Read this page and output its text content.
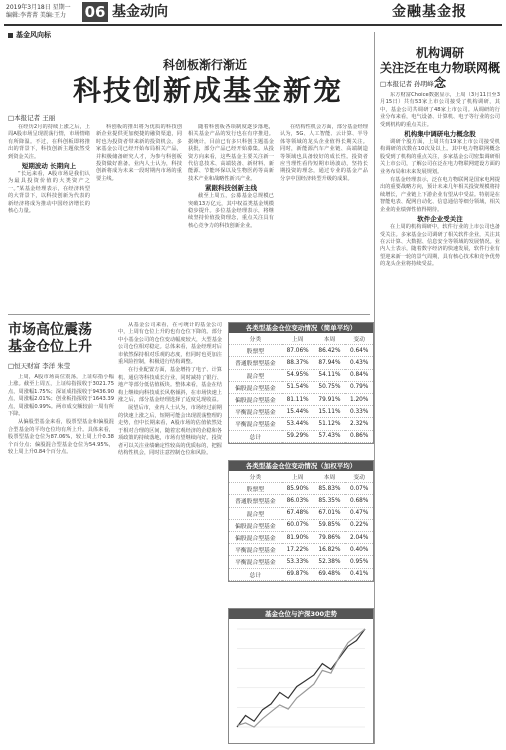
2019年3月18日 星期一
编辑:李菁菁 美编:王力	06 基金动向	金融基金报
基金风向标
科创板渐行渐近
科技创新成基金新宠
□本报记者 王丽

在经历2月的持续上涨之后，上周A股市场呈现震荡行情，市场情绪有所降温。不过，在科创板即将推出的背景下，科技创新主题依然受到资金关注。

短期波动 长期向上

“长远来看，A股市场是我们认为最具投资价值的大类资产之一。”某基金经理表示，在经济转型的大背景下，以科技创新为代表的新经济将成为推动中国经济增长的核心力量。

科创板的推出将为优质的科技创新企业提供更加便捷的融资渠道，同时也为投资者带来新的投资机会。多家基金公司已经开始布局相关产品，并积极储备研究人才，为参与科创板投资做好准备。业内人士认为，科技创新将成为未来一段时期内市场的重要主线。

随着科创板各项制度逐步落地，相关基金产品的发行也在有序推进。据统计，目前已有多只科创主题基金获批，部分产品已经开始募集。从投资方向来看，这些基金主要关注新一代信息技术、高端装备、新材料、新能源、节能环保以及生物医药等高新技术产业和战略性新兴产业。

紧跟科技创新主线

截至上周五，公募基金总规模已突破13万亿元，其中权益类基金规模稳步提升。多位基金经理表示，将继续坚持价值投资理念，重点关注具有核心竞争力的科技创新企业。

在结构性机会方面，部分基金经理认为，5G、人工智能、云计算、半导体等领域的龙头企业值得长期关注。同时，新能源汽车产业链、高端制造等领域也具备较好的成长性。投资者应当理性看待短期市场波动，坚持长期投资的理念，通过专业的基金产品分享中国经济转型升级的成果。

机构调研
关注泛在电力物联网概念
□本报记者 孙明峰

东方财富Choice数据显示，上周（3月11日至3月15日）共有53家上市公司接受了机构调研，其中，基金公司共调研了48家上市公司。从调研的行业分布来看，电气设备、计算机、电子等行业的公司受到机构的重点关注。

机构集中调研电力概念股

调研个股方面，上周共有19家上市公司接受机构调研的次数在10次及以上。其中电力物联网概念股受到了机构的重点关注，多家基金公司密集调研相关上市公司，了解公司在泛在电力物联网建设方面的业务布局和未来发展规划。

有基金经理表示，泛在电力物联网是国家电网提出的重要战略方向，预计未来几年相关投资规模将持续增长，产业链上下游企业有望从中受益。特别是在智能电表、配网自动化、信息通信等细分领域，相关企业的业绩弹性值得期待。

软件企业受关注

在上周的机构调研中，软件行业的上市公司也备受关注。多家基金公司调研了相关软件企业，关注其在云计算、大数据、信息安全等领域的发展情况。业内人士表示，随着数字经济的快速发展，软件行业有望迎来新一轮的景气周期，具有核心技术和竞争优势的龙头企业将持续受益。

市场高位震荡
基金仓位上升
□恒天财富 李洋 朱莹

上周，A股市场高位震荡，上证综指小幅上涨。截至上周五，上证综指报收于3021.75点，周涨幅1.75%；深证成指报收于9436.90点，周涨幅2.01%；创业板指报收于1643.39点，周涨幅0.99%。两市成交额较前一周有所下降。

从偏股型基金来看，股票型基金和偏股混合型基金的平均仓位均有所上升。具体来看，股票型基金仓位为87.06%，较上周上升0.38个百分点；偏股混合型基金仓位为54.95%，较上周上升0.84个百分点。

从基金公司来看，在可统计的基金公司中，上周有仓位上升的也有仓位下降的。部分中小基金公司的仓位变动幅度较大，大型基金公司仓位相对稳定。总体来看，基金经理对后市依然保持相对乐观的态度，但同时也更加注重风险控制，积极进行结构调整。

在行业配置方面，基金增持了电子、计算机、通信等科技成长行业，同时减持了银行、地产等部分低估值板块。整体来看，基金在结构上继续向科技成长风格倾斜，在市场快速上涨之后，部分基金经理选择了适度兑现收益。

展望后市，业内人士认为，市场经过前期的快速上涨之后，短期可能会出现震荡整理的走势，但中长期来看，A股市场的估值依然处于相对合理的区间，随着宏观经济的企稳和各项政策的持续落地，市场有望继续向好。投资者可以关注业绩确定性较高的优质标的，把握结构性机会，同时注意控制仓位和风险。

各类型基金仓位变动情况（简单平均）
分类	上周	本周	变动
股票型	87.06%	86.42%	0.64%
普通股票型基金	88.37%	87.94%	0.43%
混合型	54.95%	54.11%	0.84%
偏股混合型基金	51.54%	50.75%	0.79%
偏股混合型基金	81.11%	79.91%	1.20%
平衡混合型基金	15.44%	15.11%	0.33%
平衡混合型基金	53.44%	51.12%	2.32%
总计	59.29%	57.43%	0.86%
各类型基金仓位变动情况（加权平均）
分类	上周	本周	变动
股票型	85.90%	85.83%	0.07%
普通股票型基金	86.03%	85.35%	0.68%
混合型	67.48%	67.01%	0.47%
偏股混合型基金	60.07%	59.85%	0.22%
偏股混合型基金	81.90%	79.86%	2.04%
平衡混合型基金	17.22%	16.82%	0.40%
平衡混合型基金	53.33%	52.38%	0.95%
总计	69.87%	69.48%	0.41%
基金仓位与沪深300走势
